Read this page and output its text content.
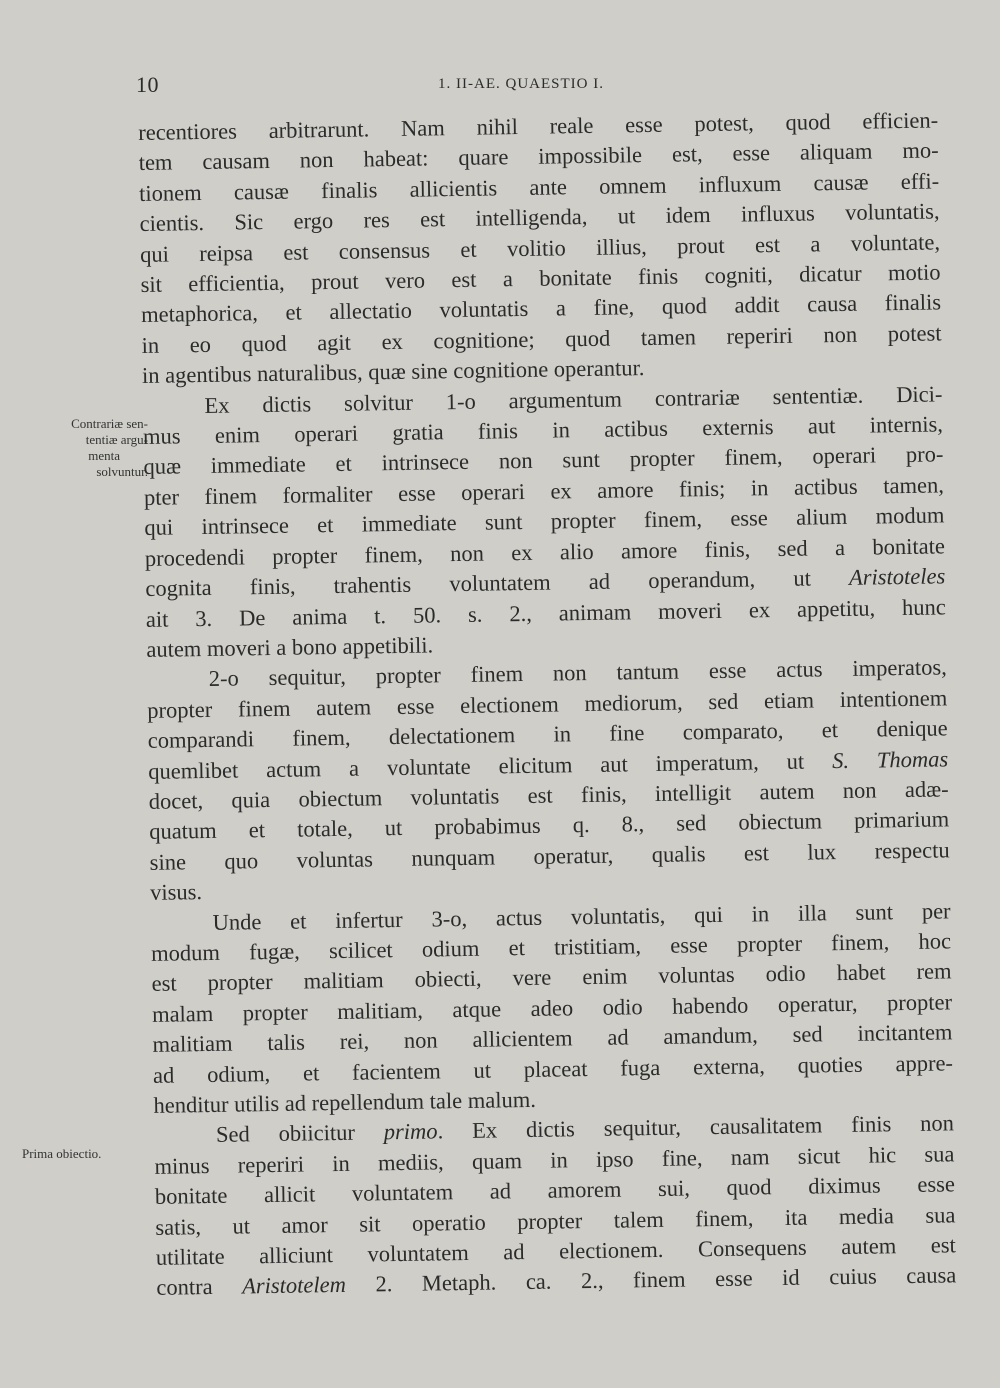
10	1. II-AE. QUAESTIO I.
Contrariæ sen-
tentiæ argu-
menta
solvuntur.
Prima obiectio.
recentiores arbitrarunt. Nam nihil reale esse potest, quod efficien-
tem causam non habeat: quare impossibile est, esse aliquam mo-
tionem causæ finalis allicientis ante omnem influxum causæ effi-
cientis. Sic ergo res est intelligenda, ut idem influxus voluntatis,
qui reipsa est consensus et volitio illius, prout est a voluntate,
sit efficientia, prout vero est a bonitate finis cogniti, dicatur motio
metaphorica, et allectatio voluntatis a fine, quod addit causa finalis
in eo quod agit ex cognitione; quod tamen reperiri non potest
in agentibus naturalibus, quæ sine cognitione operantur.
Ex dictis solvitur 1-o argumentum contrariæ sententiæ. Dici-
mus enim operari gratia finis in actibus externis aut internis,
quæ immediate et intrinsece non sunt propter finem, operari pro-
pter finem formaliter esse operari ex amore finis; in actibus tamen,
qui intrinsece et immediate sunt propter finem, esse alium modum
procedendi propter finem, non ex alio amore finis, sed a bonitate
cognita finis, trahentis voluntatem ad operandum, ut Aristoteles
ait 3. De anima t. 50. s. 2., animam moveri ex appetitu, hunc
autem moveri a bono appetibili.
2-o sequitur, propter finem non tantum esse actus imperatos,
propter finem autem esse electionem mediorum, sed etiam intentionem
comparandi finem, delectationem in fine comparato, et denique
quemlibet actum a voluntate elicitum aut imperatum, ut S. Thomas
docet, quia obiectum voluntatis est finis, intelligit autem non adæ-
quatum et totale, ut probabimus q. 8., sed obiectum primarium
sine quo voluntas nunquam operatur, qualis est lux respectu
visus.
Unde et infertur 3-o, actus voluntatis, qui in illa sunt per
modum fugæ, scilicet odium et tristitiam, esse propter finem, hoc
est propter malitiam obiecti, vere enim voluntas odio habet rem
malam propter malitiam, atque adeo odio habendo operatur, propter
malitiam talis rei, non allicientem ad amandum, sed incitantem
ad odium, et facientem ut placeat fuga externa, quoties appre-
henditur utilis ad repellendum tale malum.
Sed obiicitur primo. Ex dictis sequitur, causalitatem finis non
minus reperiri in mediis, quam in ipso fine, nam sicut hic sua
bonitate allicit voluntatem ad amorem sui, quod diximus esse
satis, ut amor sit operatio propter talem finem, ita media sua
utilitate alliciunt voluntatem ad electionem. Consequens autem est
contra Aristotelem 2. Metaph. ca. 2., finem esse id cuius causa
